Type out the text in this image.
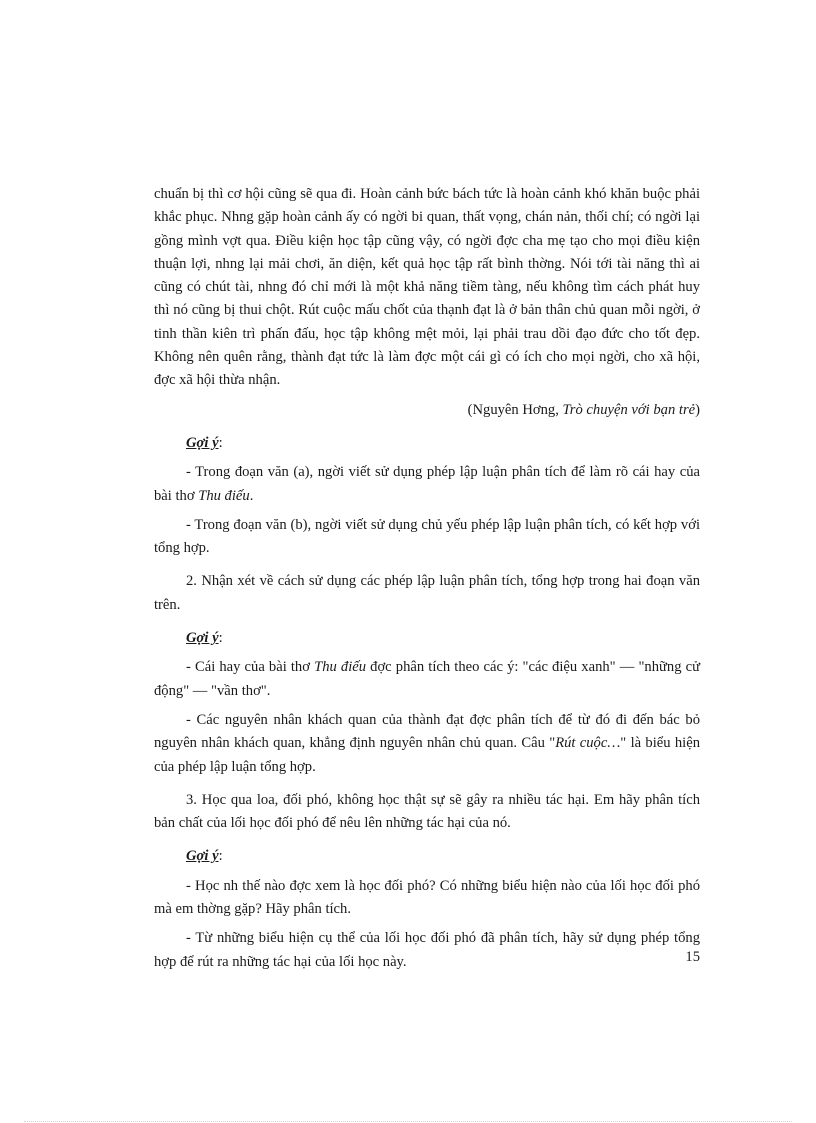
chuẩn bị thì cơ hội cũng sẽ qua đi. Hoàn cảnh bức bách tức là hoàn cảnh khó khăn buộc phải khắc phục. Nhng gặp hoàn cảnh ấy có ngời bi quan, thất vọng, chán nản, thối chí; có ngời lại gồng mình vợt qua. Điều kiện học tập cũng vậy, có ngời đợc cha mẹ tạo cho mọi điều kiện thuận lợi, nhng lại mải chơi, ăn diện, kết quả học tập rất bình thờng. Nói tới tài năng thì ai cũng có chút tài, nhng đó chỉ mới là một khả năng tiềm tàng, nếu không tìm cách phát huy thì nó cũng bị thui chột. Rút cuộc mấu chốt của thạnh đạt là ở bản thân chủ quan mỗi ngời, ở tinh thần kiên trì phấn đấu, học tập không mệt mỏi, lại phải trau dồi đạo đức cho tốt đẹp. Không nên quên rằng, thành đạt tức là làm đợc một cái gì có ích cho mọi ngời, cho xã hội, đợc xã hội thừa nhận.

(Nguyên Hơng, Trò chuyện với bạn trẻ)

Gợi ý:

- Trong đoạn văn (a), ngời viết sử dụng phép lập luận phân tích để làm rõ cái hay của bài thơ Thu điếu.

- Trong đoạn văn (b), ngời viết sử dụng chủ yếu phép lập luận phân tích, có kết hợp với tổng hợp.

2. Nhận xét về cách sử dụng các phép lập luận phân tích, tổng hợp trong hai đoạn văn trên.

Gợi ý:

- Cái hay của bài thơ Thu điếu đợc phân tích theo các ý: "các điệu xanh" — "những cử động" — "vần thơ".

- Các nguyên nhân khách quan của thành đạt đợc phân tích để từ đó đi đến bác bỏ nguyên nhân khách quan, khẳng định nguyên nhân chủ quan. Câu "Rút cuộc…" là biểu hiện của phép lập luận tổng hợp.

3. Học qua loa, đối phó, không học thật sự sẽ gây ra nhiều tác hại. Em hãy phân tích bản chất của lối học đối phó để nêu lên những tác hại của nó.

Gợi ý:

- Học nh thế nào đợc xem là học đối phó? Có những biểu hiện nào của lối học đối phó mà em thờng gặp? Hãy phân tích.

- Từ những biểu hiện cụ thể của lối học đối phó đã phân tích, hãy sử dụng phép tổng hợp để rút ra những tác hại của lối học này.	15
